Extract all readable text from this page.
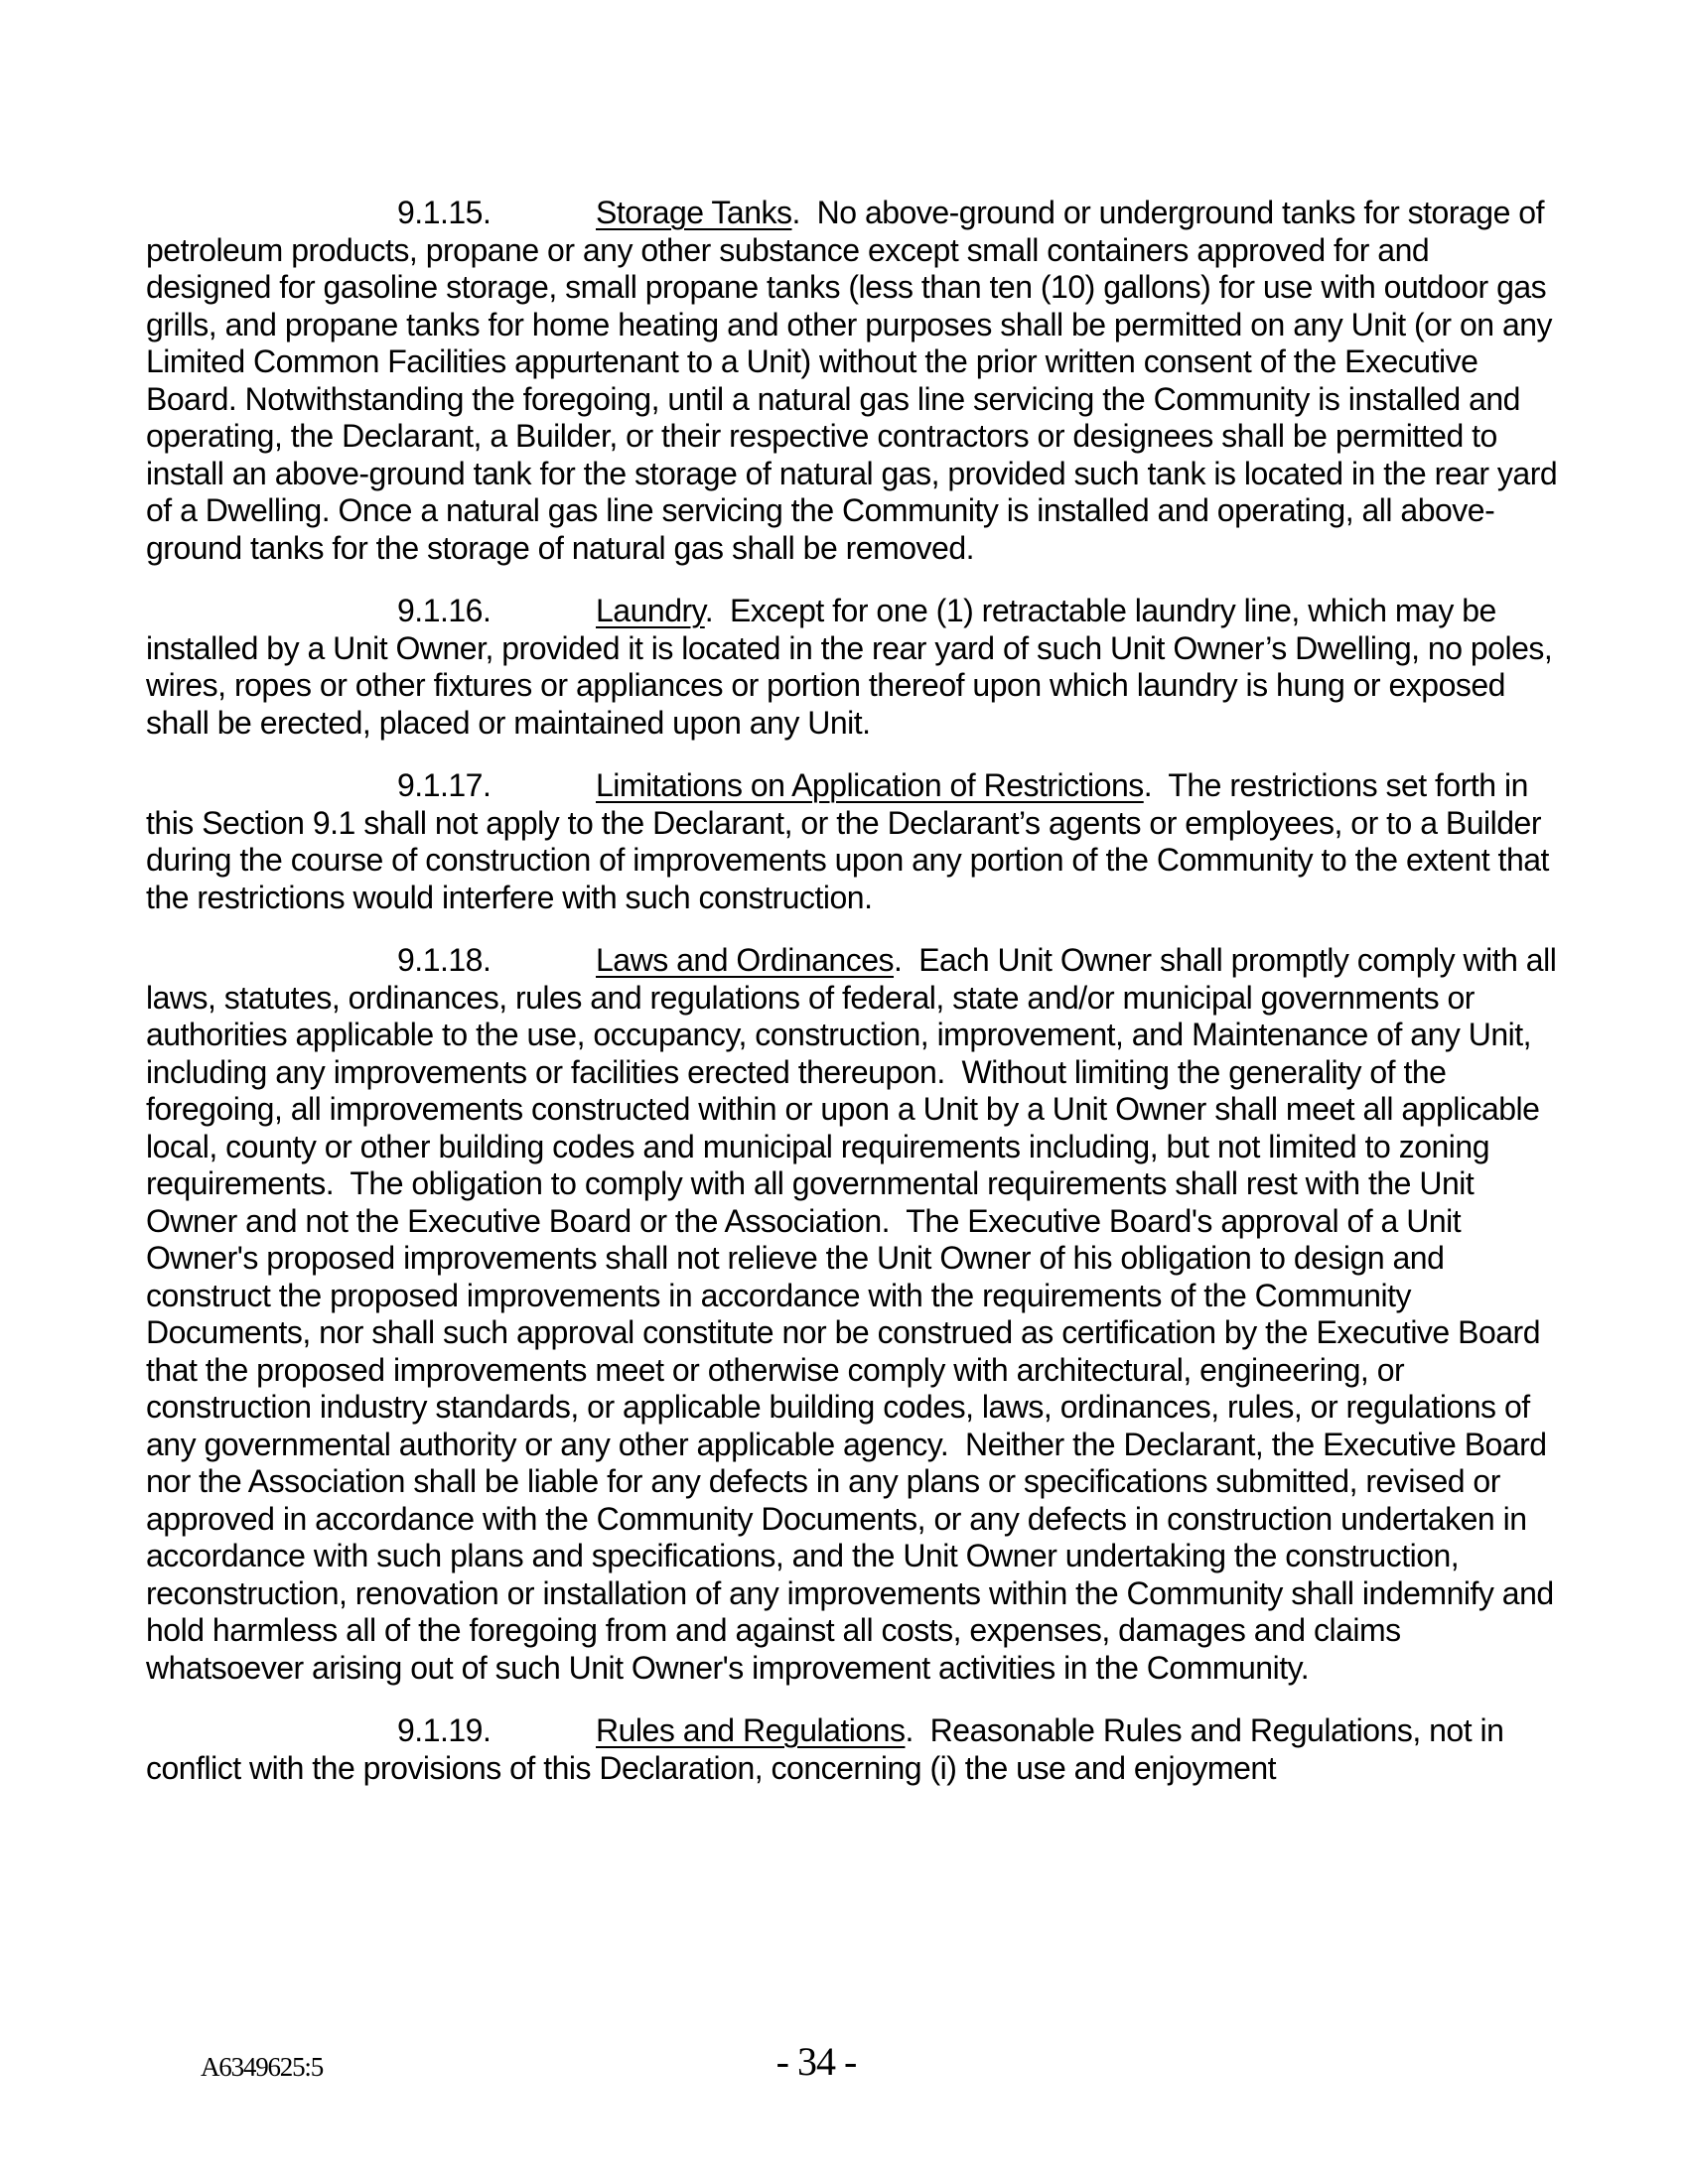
9.1.15.	Storage Tanks.  No above-ground or underground tanks for storage of petroleum products, propane or any other substance except small containers approved for and designed for gasoline storage, small propane tanks (less than ten (10) gallons) for use with outdoor gas grills, and propane tanks for home heating and other purposes shall be permitted on any Unit (or on any Limited Common Facilities appurtenant to a Unit) without the prior written consent of the Executive Board. Notwithstanding the foregoing, until a natural gas line servicing the Community is installed and operating, the Declarant, a Builder, or their respective contractors or designees shall be permitted to install an above-ground tank for the storage of natural gas, provided such tank is located in the rear yard of a Dwelling. Once a natural gas line servicing the Community is installed and operating, all above-ground tanks for the storage of natural gas shall be removed.

9.1.16.	Laundry.  Except for one (1) retractable laundry line, which may be installed by a Unit Owner, provided it is located in the rear yard of such Unit Owner’s Dwelling, no poles, wires, ropes or other fixtures or appliances or portion thereof upon which laundry is hung or exposed shall be erected, placed or maintained upon any Unit.

9.1.17.	Limitations on Application of Restrictions.  The restrictions set forth in this Section 9.1 shall not apply to the Declarant, or the Declarant’s agents or employees, or to a Builder during the course of construction of improvements upon any portion of the Community to the extent that the restrictions would interfere with such construction.

9.1.18.	Laws and Ordinances.  Each Unit Owner shall promptly comply with all laws, statutes, ordinances, rules and regulations of federal, state and/or municipal governments or authorities applicable to the use, occupancy, construction, improvement, and Maintenance of any Unit, including any improvements or facilities erected thereupon.  Without limiting the generality of the foregoing, all improvements constructed within or upon a Unit by a Unit Owner shall meet all applicable local, county or other building codes and municipal requirements including, but not limited to zoning requirements.  The obligation to comply with all governmental requirements shall rest with the Unit Owner and not the Executive Board or the Association.  The Executive Board's approval of a Unit Owner's proposed improvements shall not relieve the Unit Owner of his obligation to design and construct the proposed improvements in accordance with the requirements of the Community Documents, nor shall such approval constitute nor be construed as certification by the Executive Board that the proposed improvements meet or otherwise comply with architectural, engineering, or construction industry standards, or applicable building codes, laws, ordinances, rules, or regulations of any governmental authority or any other applicable agency.  Neither the Declarant, the Executive Board nor the Association shall be liable for any defects in any plans or specifications submitted, revised or approved in accordance with the Community Documents, or any defects in construction undertaken in accordance with such plans and specifications, and the Unit Owner undertaking the construction, reconstruction, renovation or installation of any improvements within the Community shall indemnify and hold harmless all of the foregoing from and against all costs, expenses, damages and claims whatsoever arising out of such Unit Owner's improvement activities in the Community.

9.1.19.	Rules and Regulations.  Reasonable Rules and Regulations, not in conflict with the provisions of this Declaration, concerning (i) the use and enjoyment

A6349625:5	- 34 -
